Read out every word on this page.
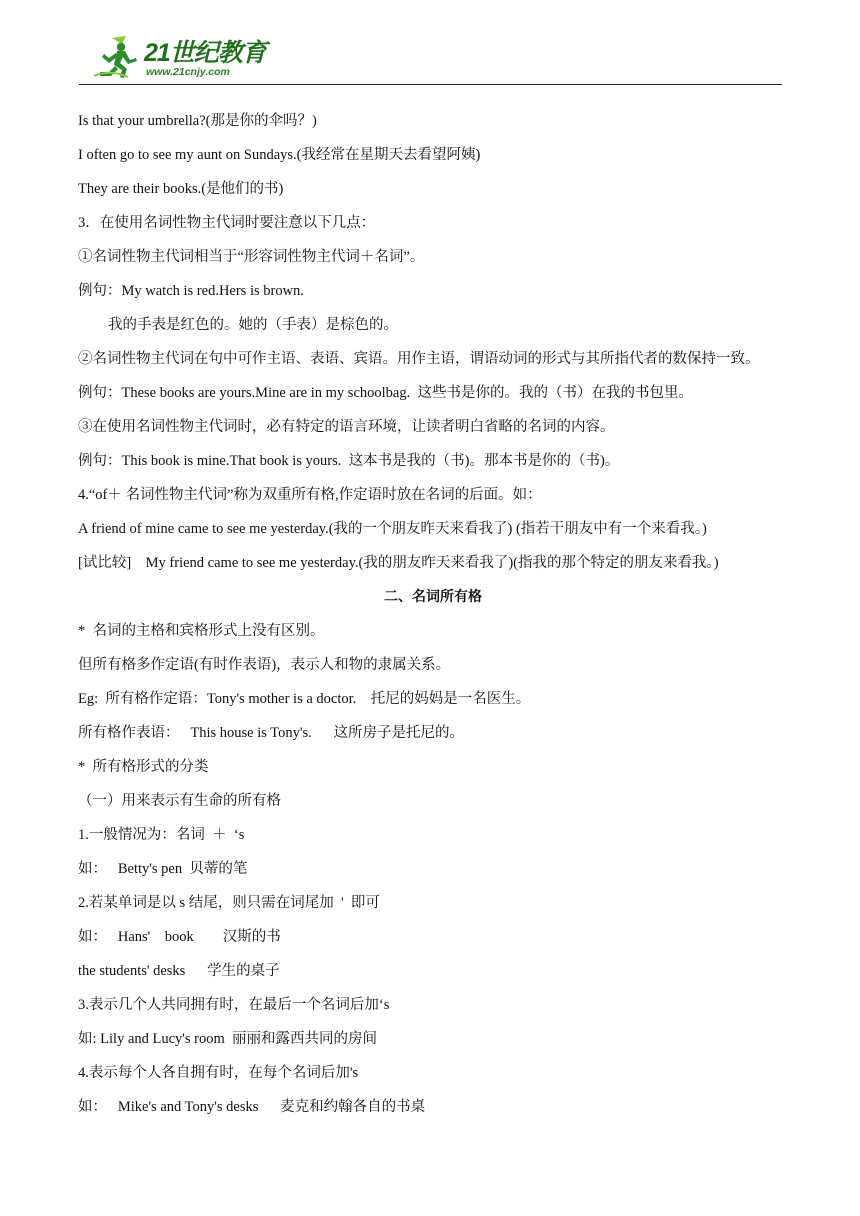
21世纪教育
www.21cnjy.com
Is that your umbrella?(那是你的伞吗？)
I often go to see my aunt on Sundays.(我经常在星期天去看望阿姨)
They are their books.(是他们的书)
3．在使用名词性物主代词时要注意以下几点：
①名词性物主代词相当于“形容词性物主代词＋名词”。
例句：My watch is red.Hers is brown.
我的手表是红色的。她的（手表）是棕色的。
②名词性物主代词在句中可作主语、表语、宾语。用作主语，谓语动词的形式与其所指代者的数保持一致。
例句：These books are yours.Mine are in my schoolbag.  这些书是你的。我的（书）在我的书包里。
③在使用名词性物主代词时，必有特定的语言环境，让读者明白省略的名词的内容。
例句：This book is mine.That book is yours.  这本书是我的（书)。那本书是你的（书)。
4.“of＋ 名词性物主代词”称为双重所有格,作定语时放在名词的后面。如：
A friend of mine came to see me yesterday.(我的一个朋友昨天来看我了) (指若干朋友中有一个来看我。)
[试比较]    My friend came to see me yesterday.(我的朋友昨天来看我了)(指我的那个特定的朋友来看我。)
二、名词所有格
*  名词的主格和宾格形式上没有区别。
但所有格多作定语(有时作表语)，表示人和物的隶属关系。
Eg:  所有格作定语：Tony's mother is a doctor.    托尼的妈妈是一名医生。
所有格作表语：   This house is Tony's.      这所房子是托尼的。
*  所有格形式的分类
（一）用来表示有生命的所有格
1.一般情况为：名词  ＋  ‘s
如：   Betty's pen  贝蒂的笔
2.若某单词是以 s 结尾，则只需在词尾加  '  即可
如：   Hans'    book        汉斯的书
the students' desks      学生的桌子
3.表示几个人共同拥有时，在最后一个名词后加‘s
如: Lily and Lucy's room  丽丽和露西共同的房间
4.表示每个人各自拥有时，在每个名词后加's
如：   Mike's and Tony's desks      麦克和约翰各自的书桌
